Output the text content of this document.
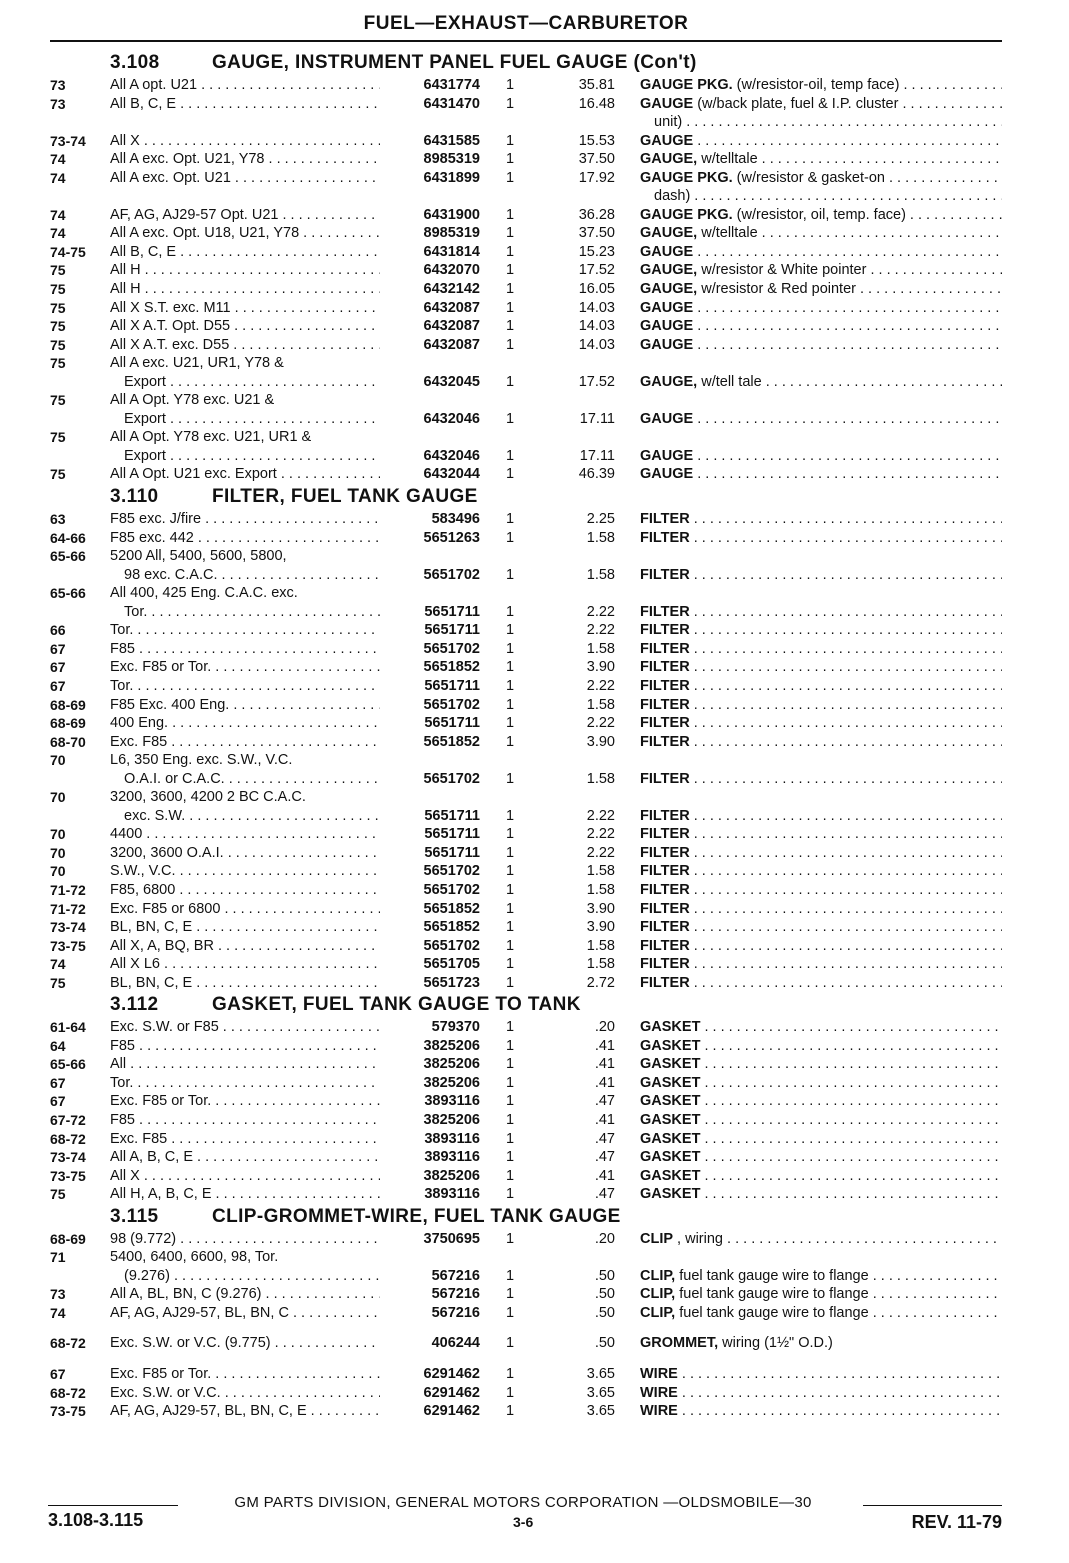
FUEL—EXHAUST—CARBURETOR
3.108	GAUGE, INSTRUMENT PANEL FUEL GAUGE (Con't)
73	All A opt. U21 . . .	6431774	1	35.81 GAUGE PKG. (w/resistor-oil, temp face) . . .
73	All B, C, E . . .	6431470	1	16.48 GAUGE (w/back plate, fuel & I.P. cluster . . .
unit) . . .
73-74	All X . . .	6431585	1	15.53 GAUGE . . .
74	All A exc. Opt. U21, Y78 . . .	8985319	1	37.50 GAUGE, w/telltale . . .
74	All A exc. Opt. U21 . . .	6431899	1	17.92 GAUGE PKG. (w/resistor & gasket-on . . .
dash) . . .
74	AF, AG, AJ29-57 Opt. U21 . . .	6431900	1	36.28 GAUGE PKG. (w/resistor, oil, temp. face) . . .
74	All A exc. Opt. U18, U21, Y78 . . .	8985319	1	37.50 GAUGE, w/telltale . . .
74-75	All B, C, E . . .	6431814	1	15.23 GAUGE . . .
75	All H . . .	6432070	1	17.52 GAUGE, w/resistor & White pointer . . .
75	All H . . .	6432142	1	16.05 GAUGE, w/resistor & Red pointer . . .
75	All X S.T. exc. M11 . . .	6432087	1	14.03 GAUGE . . .
75	All X A.T. Opt. D55 . . .	6432087	1	14.03 GAUGE . . .
75	All X A.T. exc. D55 . . .	6432087	1	14.03 GAUGE . . .
75	All A exc. U21, UR1, Y78 &
Export . . .	6432045	1	17.52 GAUGE, w/tell tale . . .
75	All A Opt. Y78 exc. U21 &
Export . . .	6432046	1	17.11 GAUGE . . .
75	All A Opt. Y78 exc. U21, UR1 &
Export . . .	6432046	1	17.11 GAUGE . . .
75	All A Opt. U21 exc. Export . . .	6432044	1	46.39 GAUGE . . .
3.110	FILTER, FUEL TANK GAUGE
63	F85 exc. J/fire . . .	583496	1	2.25 FILTER . . .
64-66	F85 exc. 442 . . .	5651263	1	1.58 FILTER . . .
65-66	5200 All, 5400, 5600, 5800,
98 exc. C.A.C. . . .	5651702	1	1.58 FILTER . . .
65-66	All 400, 425 Eng. C.A.C. exc.
Tor. . . .	5651711	1	2.22 FILTER . . .
66	Tor. . . .	5651711	1	2.22 FILTER . . .
67	F85 . . .	5651702	1	1.58 FILTER . . .
67	Exc. F85 or Tor. . . .	5651852	1	3.90 FILTER . . .
67	Tor. . . .	5651711	1	2.22 FILTER . . .
68-69	F85 Exc. 400 Eng. . . .	5651702	1	1.58 FILTER . . .
68-69	400 Eng. . . .	5651711	1	2.22 FILTER . . .
68-70	Exc. F85 . . .	5651852	1	3.90 FILTER . . .
70	L6, 350 Eng. exc. S.W., V.C.
O.A.I. or C.A.C. . . .	5651702	1	1.58 FILTER . . .
70	3200, 3600, 4200 2 BC C.A.C.
exc. S.W. . . .	5651711	1	2.22 FILTER . . .
70	4400 . . .	5651711	1	2.22 FILTER . . .
70	3200, 3600 O.A.I. . . .	5651711	1	2.22 FILTER . . .
70	S.W., V.C. . . .	5651702	1	1.58 FILTER . . .
71-72	F85, 6800 . . .	5651702	1	1.58 FILTER . . .
71-72	Exc. F85 or 6800 . . .	5651852	1	3.90 FILTER . . .
73-74	BL, BN, C, E . . .	5651852	1	3.90 FILTER . . .
73-75	All X, A, BQ, BR . . .	5651702	1	1.58 FILTER . . .
74	All X L6 . . .	5651705	1	1.58 FILTER . . .
75	BL, BN, C, E . . .	5651723	1	2.72 FILTER . . .
3.112	GASKET, FUEL TANK GAUGE TO TANK
61-64	Exc. S.W. or F85 . . .	579370	1	.20 GASKET . . .
64	F85 . . .	3825206	1	.41 GASKET . . .
65-66	All . . .	3825206	1	.41 GASKET . . .
67	Tor. . . .	3825206	1	.41 GASKET . . .
67	Exc. F85 or Tor. . . .	3893116	1	.47 GASKET . . .
67-72	F85 . . .	3825206	1	.41 GASKET . . .
68-72	Exc. F85 . . .	3893116	1	.47 GASKET . . .
73-74	All A, B, C, E . . .	3893116	1	.47 GASKET . . .
73-75	All X . . .	3825206	1	.41 GASKET . . .
75	All H, A, B, C, E . . .	3893116	1	.47 GASKET . . .
3.115	CLIP-GROMMET-WIRE, FUEL TANK GAUGE
68-69	98 (9.772) . . .	3750695	1	.20 CLIP , wiring . . .
71	5400, 6400, 6600, 98, Tor.
(9.276) . . .	567216	1	.50 CLIP, fuel tank gauge wire to flange . . .
73	All A, BL, BN, C (9.276) . . .	567216	1	.50 CLIP, fuel tank gauge wire to flange . . .
74	AF, AG, AJ29-57, BL, BN, C . . .	567216	1	.50 CLIP, fuel tank gauge wire to flange . . .
68-72	Exc. S.W. or V.C. (9.775) . . .	406244	1	.50 GROMMET, wiring (1½" O.D.)
67	Exc. F85 or Tor. . . .	6291462	1	3.65 WIRE . . .
68-72	Exc. S.W. or V.C. . . .	6291462	1	3.65 WIRE . . .
73-75	AF, AG, AJ29-57, BL, BN, C, E . . .	6291462	1	3.65 WIRE . . .
GM PARTS DIVISION, GENERAL MOTORS CORPORATION —OLDSMOBILE—30
3.108-3.115	3-6	REV. 11-79
